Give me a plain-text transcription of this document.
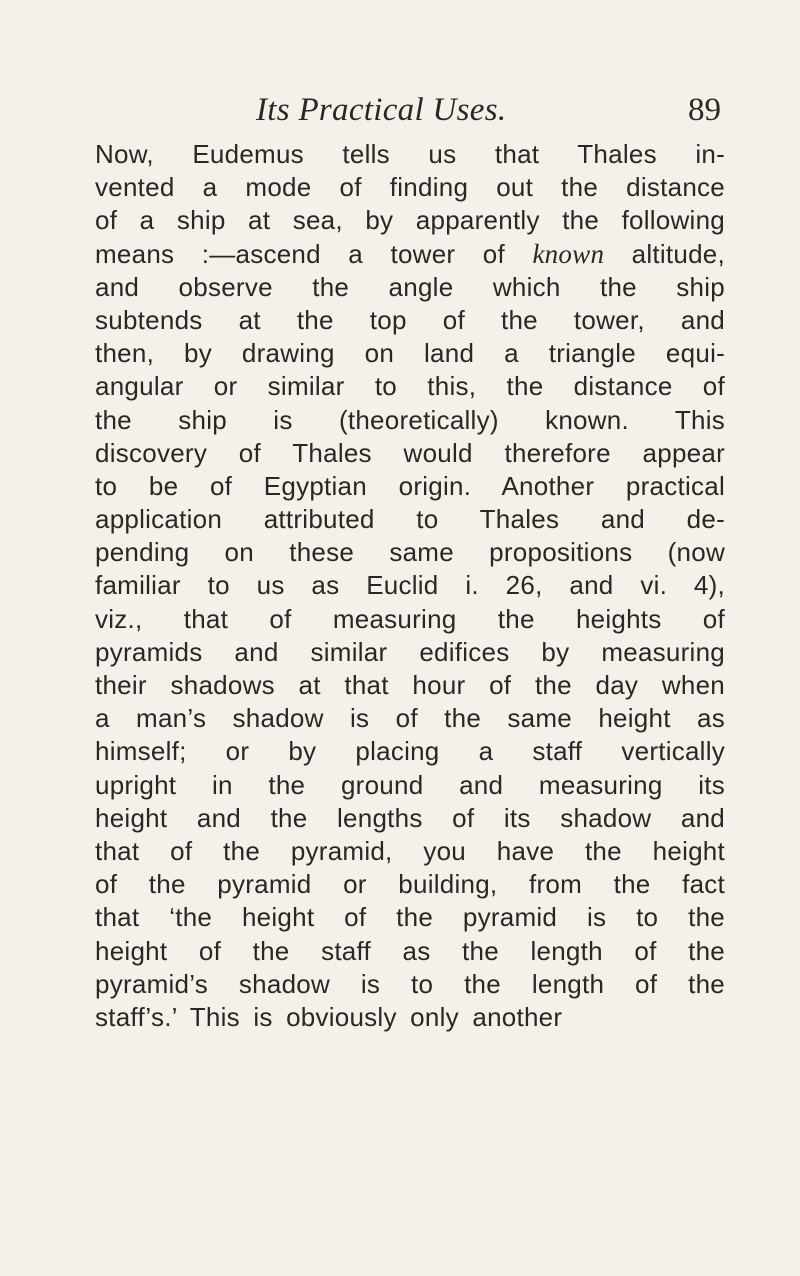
Its Practical Uses.	89
Now, Eudemus tells us that Thales in-
vented a mode of finding out the distance
of a ship at sea, by apparently the following
means :—ascend a tower of known altitude,
and observe the angle which the ship
subtends at the top of the tower, and
then, by drawing on land a triangle equi-
angular or similar to this, the distance of
the ship is (theoretically) known. This
discovery of Thales would therefore appear
to be of Egyptian origin. Another practical
application attributed to Thales and de-
pending on these same propositions (now
familiar to us as Euclid i. 26, and vi. 4),
viz., that of measuring the heights of
pyramids and similar edifices by measuring
their shadows at that hour of the day when
a man’s shadow is of the same height as
himself; or by placing a staff vertically
upright in the ground and measuring its
height and the lengths of its shadow and
that of the pyramid, you have the height
of the pyramid or building, from the fact
that ‘the height of the pyramid is to the
height of the staff as the length of the
pyramid’s shadow is to the length of the
staff’s.’ This is obviously only another
